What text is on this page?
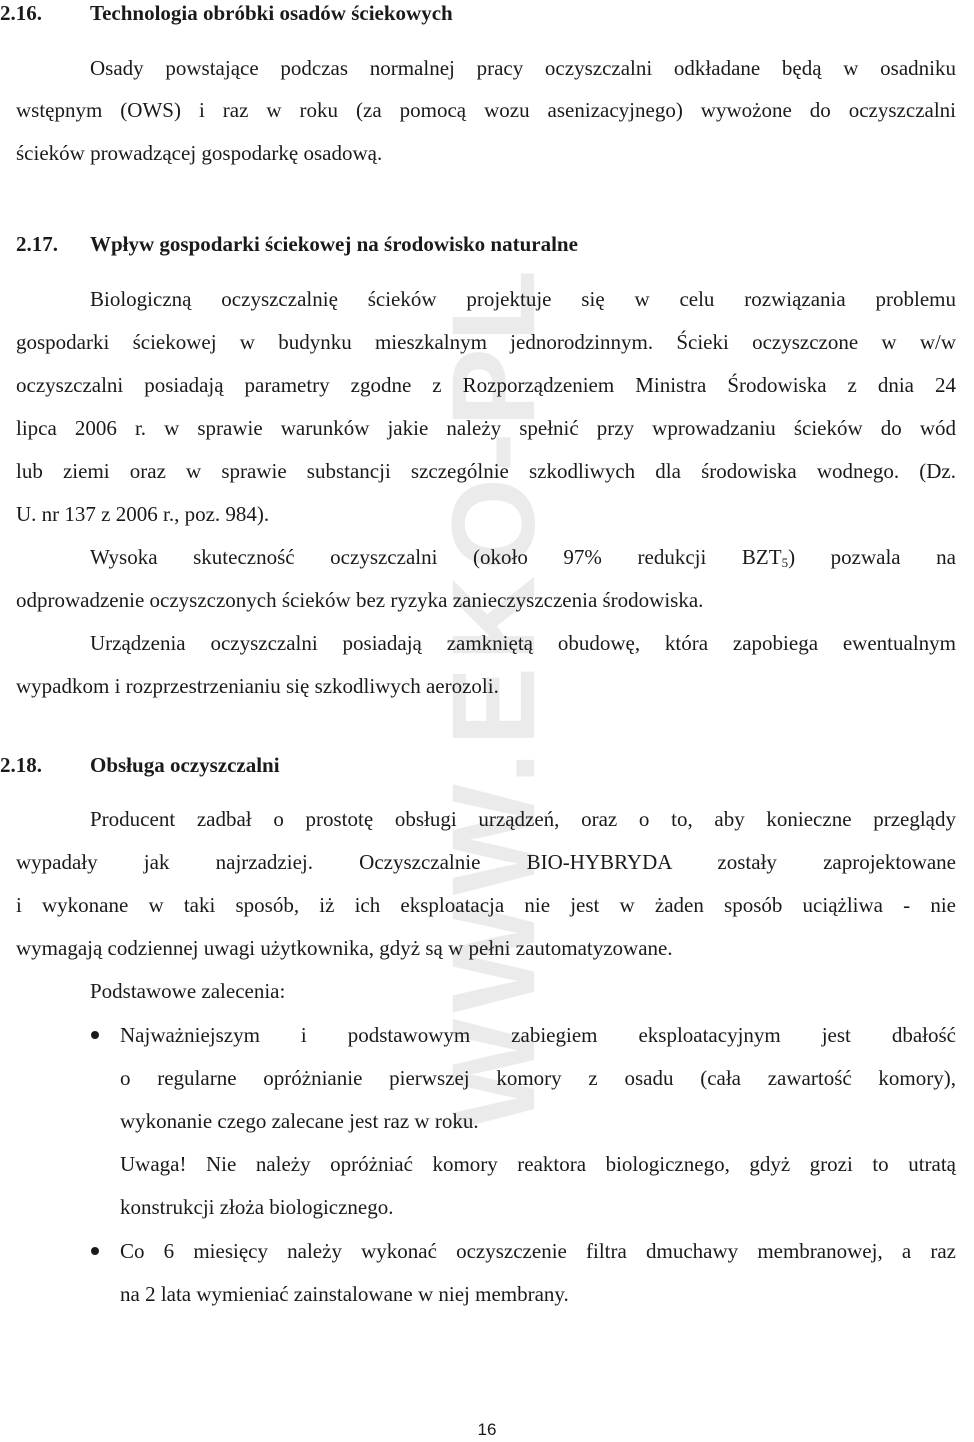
WWW.EKO-PL
2.16. Technologia obróbki osadów ściekowych
Osady powstające podczas normalnej pracy oczyszczalni odkładane będą w osadniku
wstępnym (OWS) i raz w roku (za pomocą wozu asenizacyjnego) wywożone do oczyszczalni
ścieków prowadzącej gospodarkę osadową.
2.17. Wpływ gospodarki ściekowej na środowisko naturalne
Biologiczną oczyszczalnię ścieków projektuje się w celu rozwiązania problemu
gospodarki ściekowej w budynku mieszkalnym jednorodzinnym. Ścieki oczyszczone w w/w
oczyszczalni posiadają parametry zgodne z Rozporządzeniem Ministra Środowiska z dnia 24
lipca 2006 r. w sprawie warunków jakie należy spełnić przy wprowadzaniu ścieków do wód
lub ziemi oraz w sprawie substancji szczególnie szkodliwych dla środowiska wodnego. (Dz.
U. nr 137 z 2006 r., poz. 984).
Wysoka skuteczność oczyszczalni (około 97% redukcji $BZT_5$) pozwala na
odprowadzenie oczyszczonych ścieków bez ryzyka zanieczyszczenia środowiska.
Urządzenia oczyszczalni posiadają zamkniętą obudowę, która zapobiega ewentualnym
wypadkom i rozprzestrzenianiu się szkodliwych aerozoli.
2.18. Obsługa oczyszczalni
Producent zadbał o prostotę obsługi urządzeń, oraz o to, aby konieczne przeglądy
wypadały jak najrzadziej. Oczyszczalnie BIO-HYBRYDA zostały zaprojektowane
i wykonane w taki sposób, iż ich eksploatacja nie jest w żaden sposób uciążliwa - nie
wymagają codziennej uwagi użytkownika, gdyż są w pełni zautomatyzowane.
Podstawowe zalecenia:
Najważniejszym i podstawowym zabiegiem eksploatacyjnym jest dbałość
o regularne opróżnianie pierwszej komory z osadu (cała zawartość komory),
wykonanie czego zalecane jest raz w roku.
Uwaga! Nie należy opróżniać komory reaktora biologicznego, gdyż grozi to utratą
konstrukcji złoża biologicznego.
Co 6 miesięcy należy wykonać oczyszczenie filtra dmuchawy membranowej, a raz
na 2 lata wymieniać zainstalowane w niej membrany.
16
